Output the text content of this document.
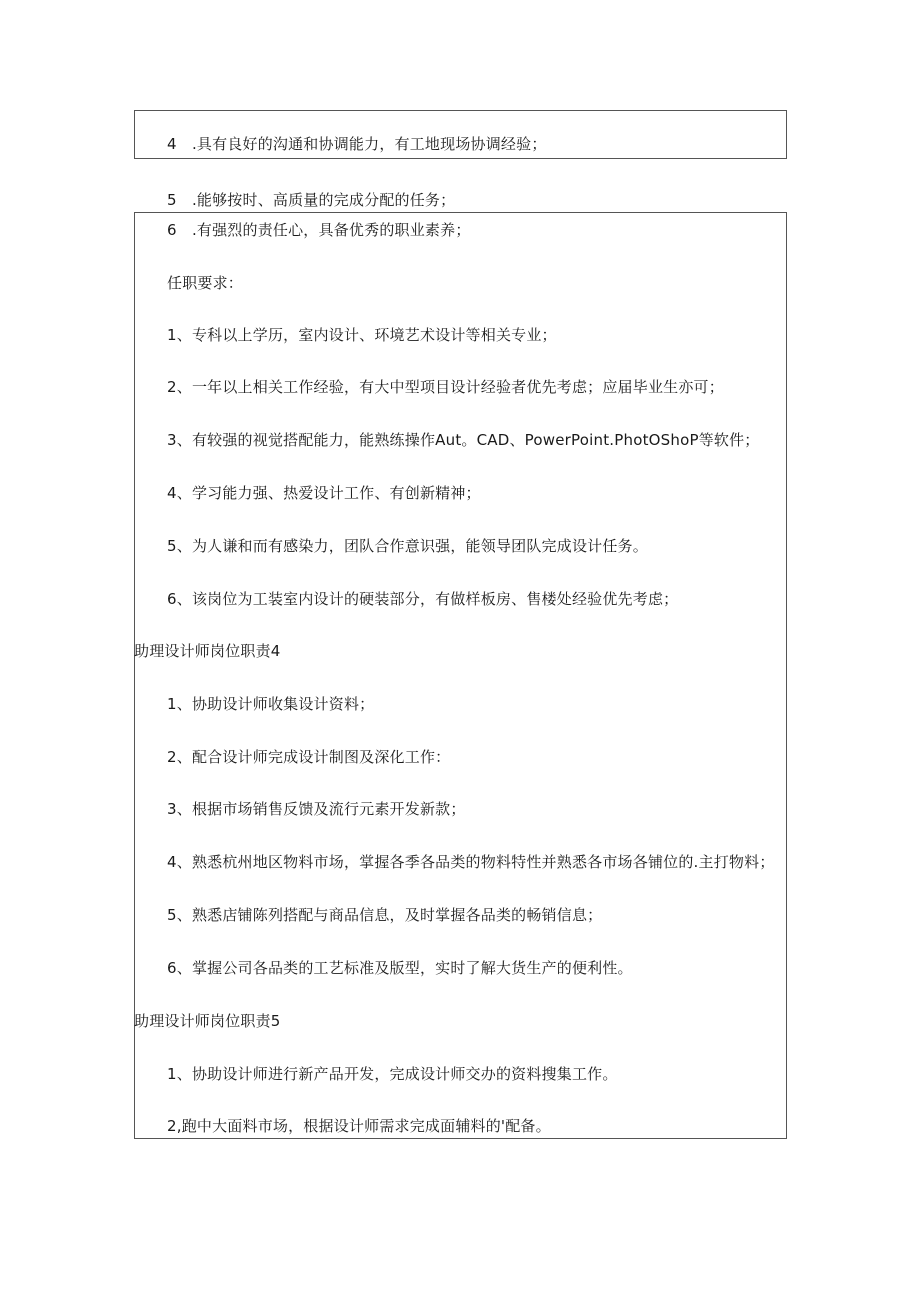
4　.具有良好的沟通和协调能力，有工地现场协调经验；
5　.能够按时、高质量的完成分配的任务；
6　.有强烈的责任心，具备优秀的职业素养；
任职要求：
1、专科以上学历，室内设计、环境艺术设计等相关专业；
2、一年以上相关工作经验，有大中型项目设计经验者优先考虑；应届毕业生亦可；
3、有较强的视觉搭配能力，能熟练操作Aut。CAD、PowerPoint.PhotOShoP等软件；
4、学习能力强、热爱设计工作、有创新精神；
5、为人谦和而有感染力，团队合作意识强，能领导团队完成设计任务。
6、该岗位为工装室内设计的硬装部分，有做样板房、售楼处经验优先考虑；
助理设计师岗位职责4
1、协助设计师收集设计资料；
2、配合设计师完成设计制图及深化工作：
3、根据市场销售反馈及流行元素开发新款；
4、熟悉杭州地区物料市场，掌握各季各品类的物料特性并熟悉各市场各铺位的.主打物料；
5、熟悉店铺陈列搭配与商品信息，及时掌握各品类的畅销信息；
6、掌握公司各品类的工艺标准及版型，实时了解大货生产的便利性。
助理设计师岗位职责5
1、协助设计师进行新产品开发，完成设计师交办的资料搜集工作。
2,跑中大面料市场，根据设计师需求完成面辅料的'配备。
